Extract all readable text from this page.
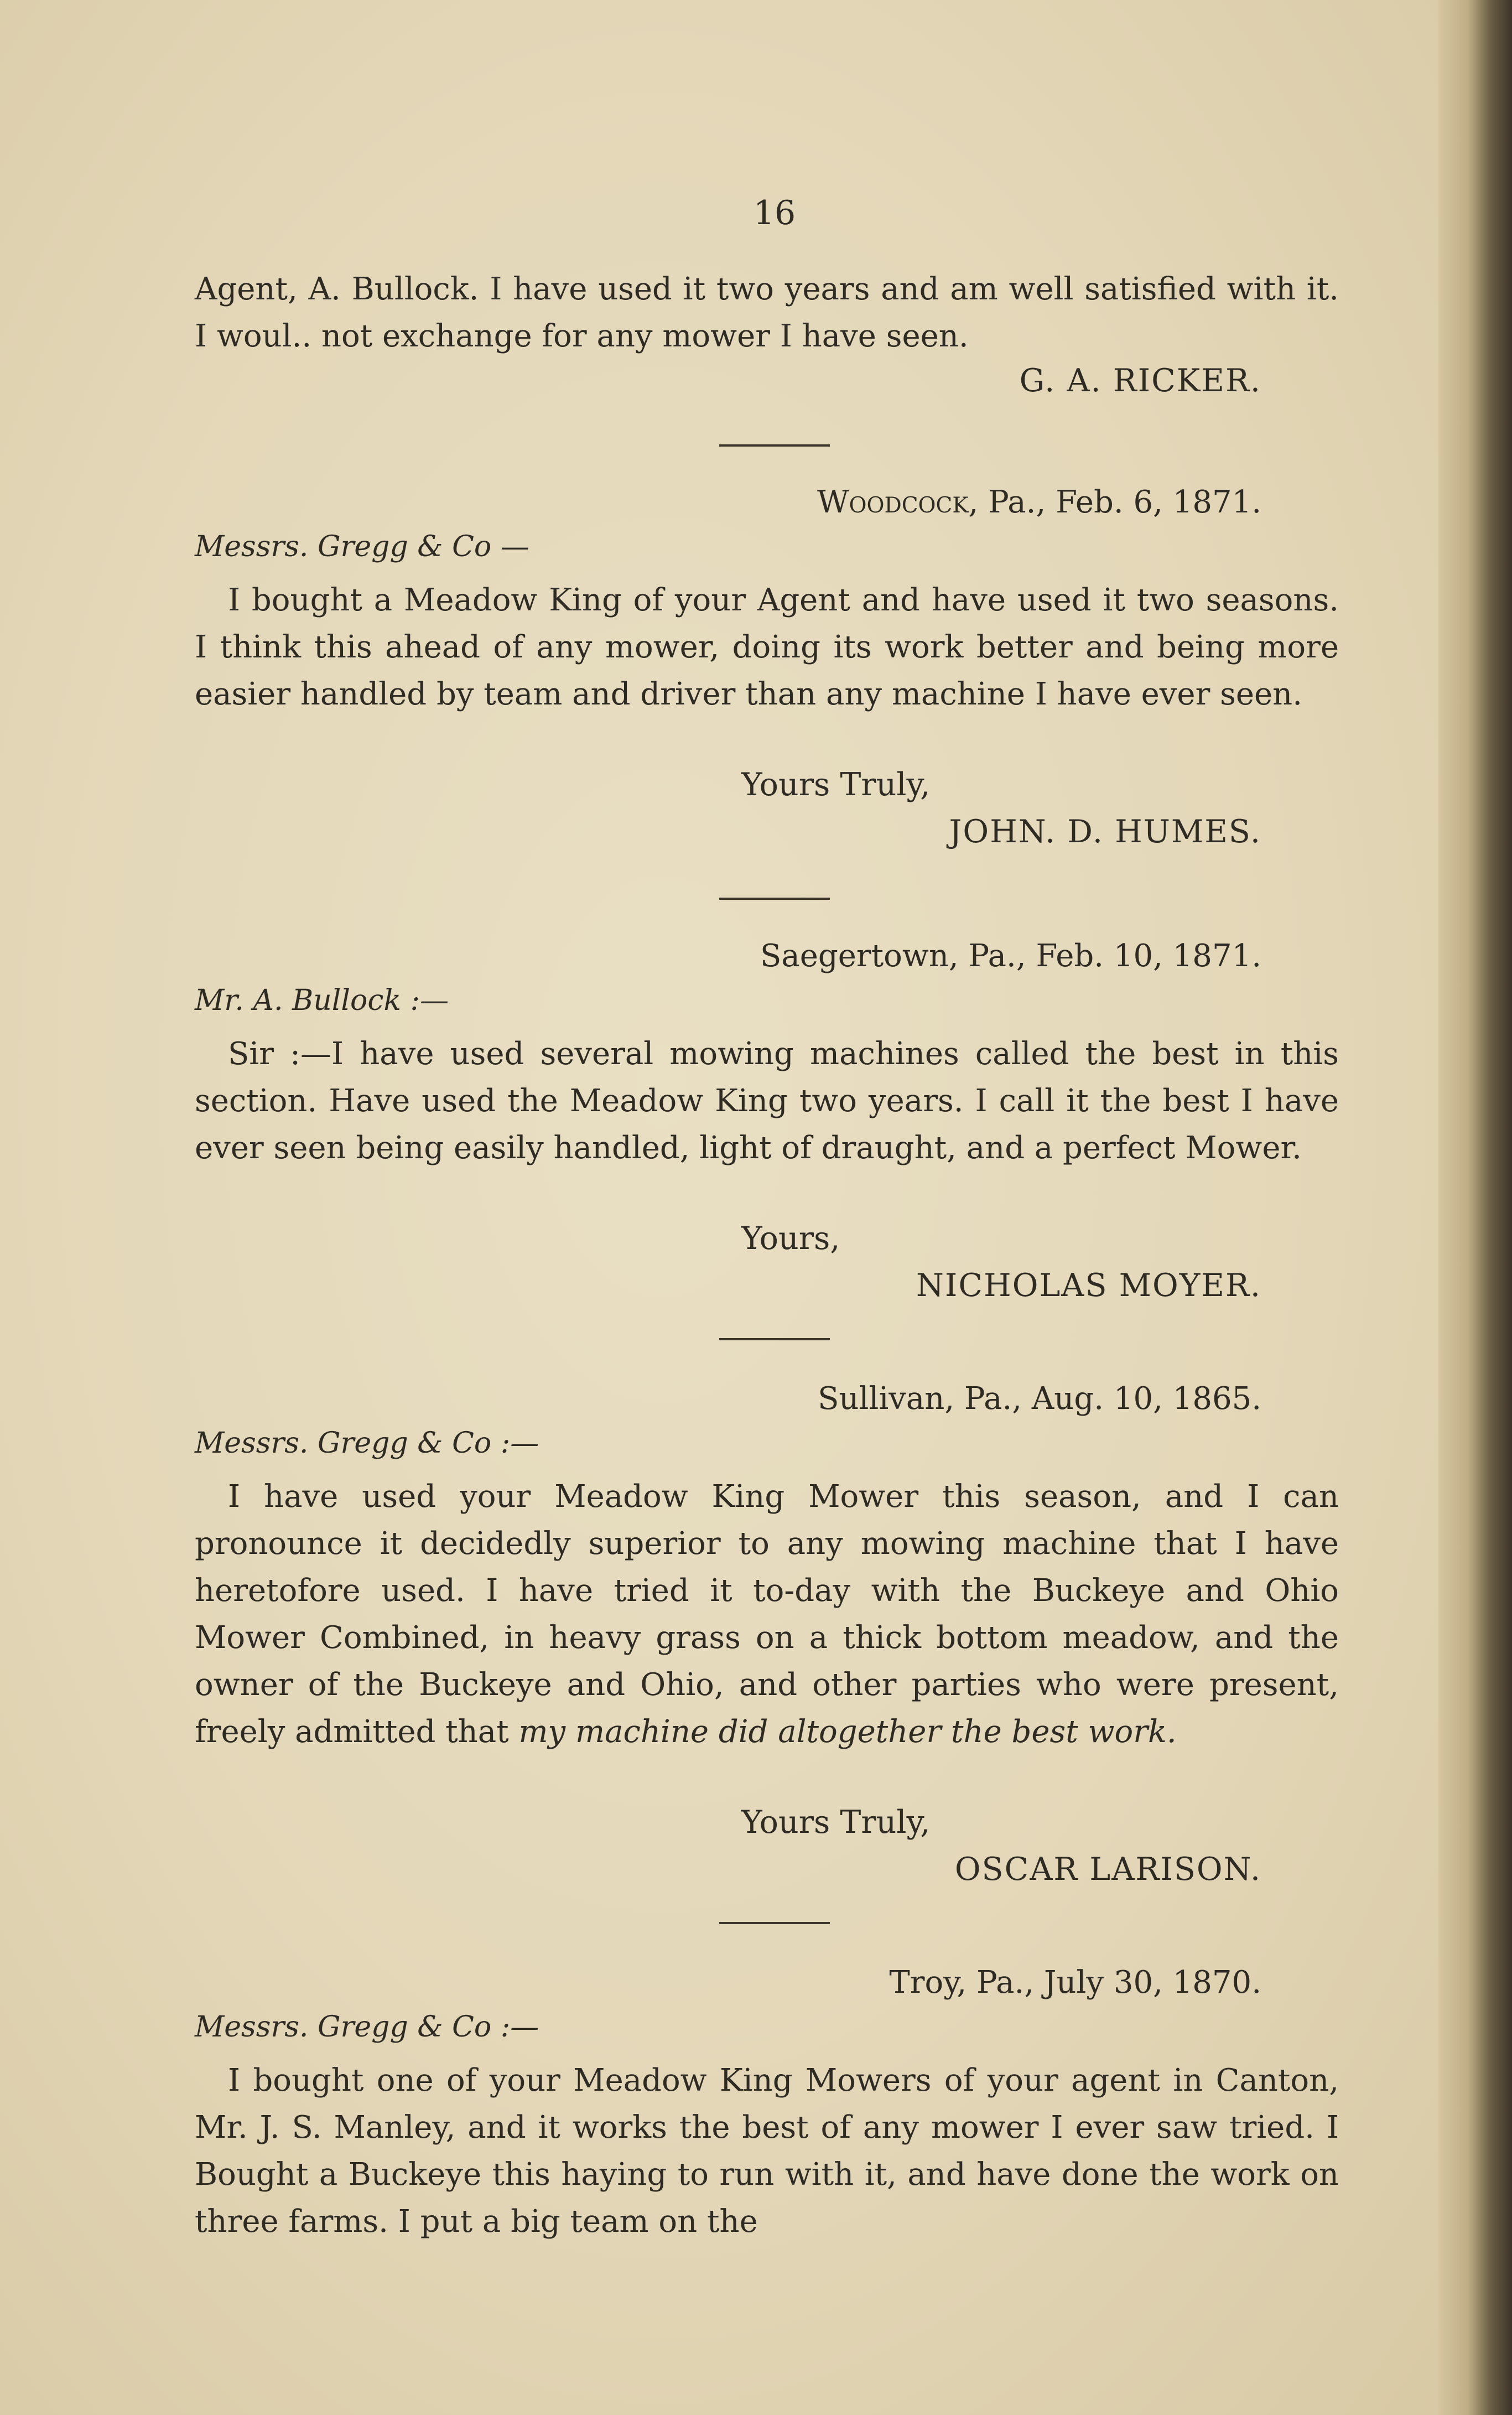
16

Agent, A. Bullock. I have used it two years and am well satisfied with it. I woul.. not exchange for any mower I have seen.

G. A. RICKER.

Woodcock, Pa., Feb. 6, 1871.

Messrs. Gregg & Co —

I bought a Meadow King of your Agent and have used it two seasons. I think this ahead of any mower, doing its work better and being more easier handled by team and driver than any machine I have ever seen.

Yours Truly,

JOHN. D. HUMES.

Saegertown, Pa., Feb. 10, 1871.

Mr. A. Bullock :—

Sir :—I have used several mowing machines called the best in this section. Have used the Meadow King two years. I call it the best I have ever seen being easily handled, light of draught, and a perfect Mower.

Yours,

NICHOLAS MOYER.

Sullivan, Pa., Aug. 10, 1865.

Messrs. Gregg & Co :—

I have used your Meadow King Mower this season, and I can pronounce it decidedly superior to any mowing machine that I have heretofore used. I have tried it to-day with the Buckeye and Ohio Mower Combined, in heavy grass on a thick bottom meadow, and the owner of the Buckeye and Ohio, and other parties who were present, freely admitted that my machine did altogether the best work.

Yours Truly,

OSCAR LARISON.

Troy, Pa., July 30, 1870.

Messrs. Gregg & Co :—

I bought one of your Meadow King Mowers of your agent in Canton, Mr. J. S. Manley, and it works the best of any mower I ever saw tried. I Bought a Buckeye this haying to run with it, and have done the work on three farms. I put a big team on the
